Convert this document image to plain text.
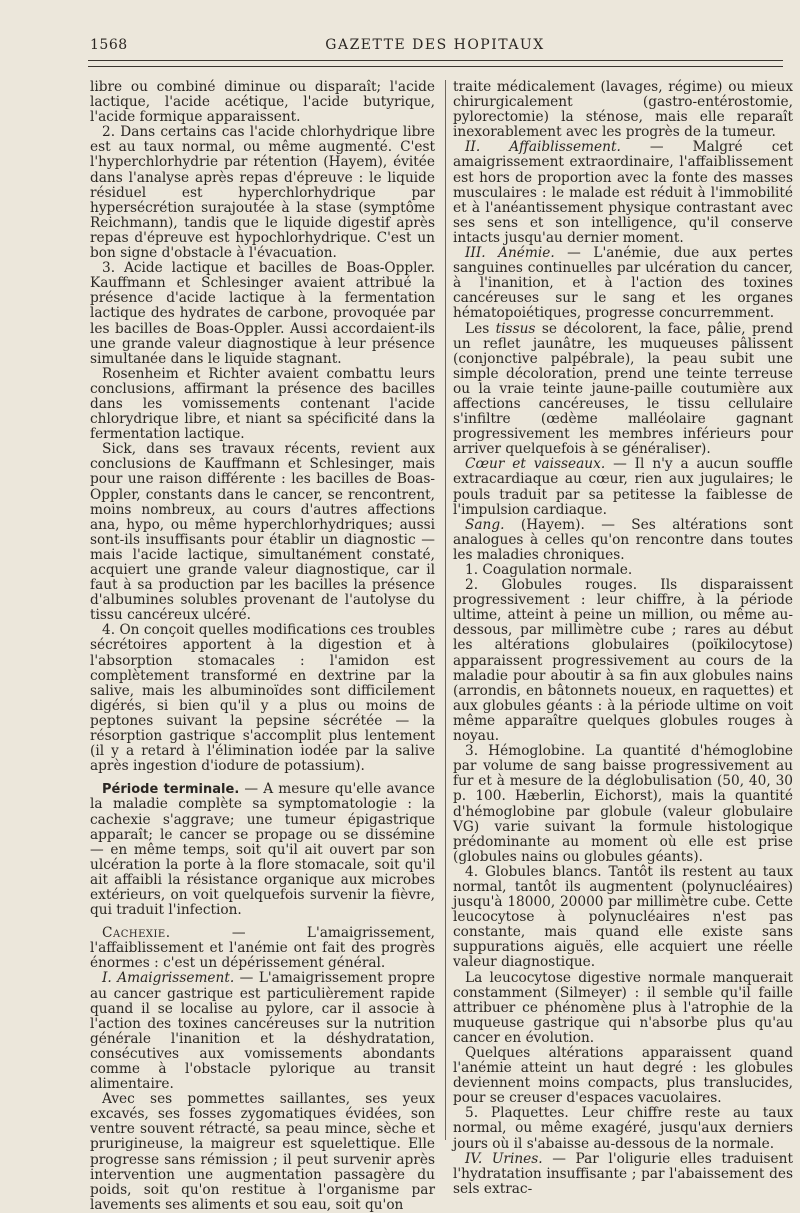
1568	GAZETTE DES HOPITAUX

libre ou combiné diminue ou disparaît; l'acide lactique, l'acide acétique, l'acide butyrique, l'acide formique apparaissent.

2. Dans certains cas l'acide chlorhydrique libre est au taux normal, ou même augmenté. C'est l'hyperchlorhydrie par rétention (Hayem), évitée dans l'analyse après repas d'épreuve : le liquide résiduel est hyperchlorhydrique par hypersécrétion surajoutée à la stase (symptôme Reichmann), tandis que le liquide digestif après repas d'épreuve est hypochlorhydrique. C'est un bon signe d'obstacle à l'évacuation.

3. Acide lactique et bacilles de Boas-Oppler. Kauffmann et Schlesinger avaient attribué la présence d'acide lactique à la fermentation lactique des hydrates de carbone, provoquée par les bacilles de Boas-Oppler. Aussi accordaient-ils une grande valeur diagnostique à leur présence simultanée dans le liquide stagnant.

Rosenheim et Richter avaient combattu leurs conclusions, affirmant la présence des bacilles dans les vomissements contenant l'acide chlorydrique libre, et niant sa spécificité dans la fermentation lactique.

Sick, dans ses travaux récents, revient aux conclusions de Kauffmann et Schlesinger, mais pour une raison différente : les bacilles de Boas-Oppler, constants dans le cancer, se rencontrent, moins nombreux, au cours d'autres affections ana, hypo, ou même hyperchlorhydriques; aussi sont-ils insuffisants pour établir un diagnostic — mais l'acide lactique, simultanément constaté, acquiert une grande valeur diagnostique, car il faut à sa production par les bacilles la présence d'albumines solubles provenant de l'autolyse du tissu cancéreux ulcéré.

4. On conçoit quelles modifications ces troubles sécrétoires apportent à la digestion et à l'absorption stomacales : l'amidon est complètement transformé en dextrine par la salive, mais les albuminoïdes sont difficilement digérés, si bien qu'il y a plus ou moins de peptones suivant la pepsine sécrétée — la résorption gastrique s'accomplit plus lentement (il y a retard à l'élimination iodée par la salive après ingestion d'iodure de potassium).

Période terminale. — A mesure qu'elle avance la maladie complète sa symptomatologie : la cachexie s'aggrave; une tumeur épigastrique apparaît; le cancer se propage ou se dissémine — en même temps, soit qu'il ait ouvert par son ulcération la porte à la flore stomacale, soit qu'il ait affaibli la résistance organique aux microbes extérieurs, on voit quelquefois survenir la fièvre, qui traduit l'infection.

Cachexie. — L'amaigrissement, l'affaiblissement et l'anémie ont fait des progrès énormes : c'est un dépérissement général.

I. Amaigrissement. — L'amaigrissement propre au cancer gastrique est particulièrement rapide quand il se localise au pylore, car il associe à l'action des toxines cancéreuses sur la nutrition générale l'inanition et la déshydratation, consécutives aux vomissements abondants comme à l'obstacle pylorique au transit alimentaire.

Avec ses pommettes saillantes, ses yeux excavés, ses fosses zygomatiques évidées, son ventre souvent rétracté, sa peau mince, sèche et prurigineuse, la maigreur est squelettique. Elle progresse sans rémission ; il peut survenir après intervention une augmentation passagère du poids, soit qu'on restitue à l'organisme par lavements ses aliments et sou eau, soit qu'on

traite médicalement (lavages, régime) ou mieux chirurgicalement (gastro-entérostomie, pylorectomie) la sténose, mais elle reparaît inexorablement avec les progrès de la tumeur.

II. Affaiblissement. — Malgré cet amaigrissement extraordinaire, l'affaiblissement est hors de proportion avec la fonte des masses musculaires : le malade est réduit à l'immobilité et à l'anéantissement physique contrastant avec ses sens et son intelligence, qu'il conserve intacts jusqu'au dernier moment.

III. Anémie. — L'anémie, due aux pertes sanguines continuelles par ulcération du cancer, à l'inanition, et à l'action des toxines cancéreuses sur le sang et les organes hématopoiétiques, progresse concurremment.

Les tissus se décolorent, la face, pâlie, prend un reflet jaunâtre, les muqueuses pâlissent (conjonctive palpébrale), la peau subit une simple décoloration, prend une teinte terreuse ou la vraie teinte jaune-paille coutumière aux affections cancéreuses, le tissu cellulaire s'infiltre (œdème malléolaire gagnant progressivement les membres inférieurs pour arriver quelquefois à se généraliser).

Cœur et vaisseaux. — Il n'y a aucun souffle extracardiaque au cœur, rien aux jugulaires; le pouls traduit par sa petitesse la faiblesse de l'impulsion cardiaque.

Sang. (Hayem). — Ses altérations sont analogues à celles qu'on rencontre dans toutes les maladies chroniques.

1. Coagulation normale.

2. Globules rouges. Ils disparaissent progressivement : leur chiffre, à la période ultime, atteint à peine un million, ou même au-dessous, par millimètre cube ; rares au début les altérations globulaires (poïkilocytose) apparaissent progressivement au cours de la maladie pour aboutir à sa fin aux globules nains (arrondis, en bâtonnets noueux, en raquettes) et aux globules géants : à la période ultime on voit même apparaître quelques globules rouges à noyau.

3. Hémoglobine. La quantité d'hémoglobine par volume de sang baisse progressivement au fur et à mesure de la déglobulisation (50, 40, 30 p. 100. Hæberlin, Eichorst), mais la quantité d'hémoglobine par globule (valeur globulaire VG) varie suivant la formule histologique prédominante au moment où elle est prise (globules nains ou globules géants).

4. Globules blancs. Tantôt ils restent au taux normal, tantôt ils augmentent (polynucléaires) jusqu'à 18000, 20000 par millimètre cube. Cette leucocytose à polynucléaires n'est pas constante, mais quand elle existe sans suppurations aiguës, elle acquiert une réelle valeur diagnostique.

La leucocytose digestive normale manquerait constamment (Silmeyer) : il semble qu'il faille attribuer ce phénomène plus à l'atrophie de la muqueuse gastrique qui n'absorbe plus qu'au cancer en évolution.

Quelques altérations apparaissent quand l'anémie atteint un haut degré : les globules deviennent moins compacts, plus translucides, pour se creuser d'espaces vacuolaires.

5. Plaquettes. Leur chiffre reste au taux normal, ou même exagéré, jusqu'aux derniers jours où il s'abaisse au-dessous de la normale.

IV. Urines. — Par l'oligurie elles traduisent l'hydratation insuffisante ; par l'abaissement des sels extrac-
